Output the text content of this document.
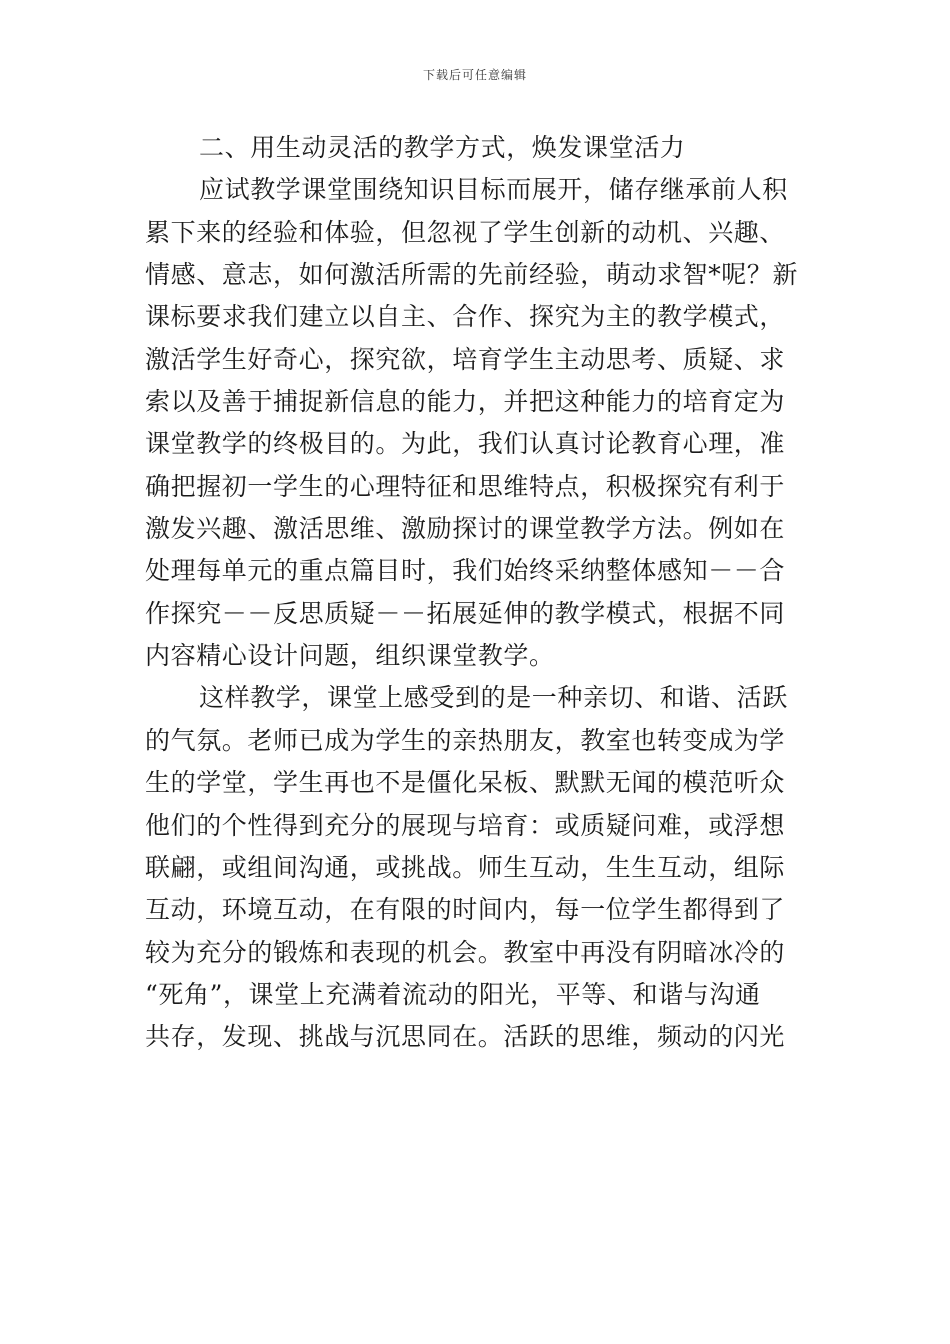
下载后可任意编辑
二、用生动灵活的教学方式，焕发课堂活力
应试教学课堂围绕知识目标而展开，储存继承前人积
累下来的经验和体验，但忽视了学生创新的动机、兴趣、
情感、意志，如何激活所需的先前经验，萌动求智*呢？新
课标要求我们建立以自主、合作、探究为主的教学模式，
激活学生好奇心，探究欲，培育学生主动思考、质疑、求
索以及善于捕捉新信息的能力，并把这种能力的培育定为
课堂教学的终极目的。为此，我们认真讨论教育心理，准
确把握初一学生的心理特征和思维特点，积极探究有利于
激发兴趣、激活思维、激励探讨的课堂教学方法。例如在
处理每单元的重点篇目时，我们始终采纳整体感知－－合
作探究－－反思质疑－－拓展延伸的教学模式，根据不同
内容精心设计问题，组织课堂教学。
这样教学，课堂上感受到的是一种亲切、和谐、活跃
的气氛。老师已成为学生的亲热朋友，教室也转变成为学
生的学堂，学生再也不是僵化呆板、默默无闻的模范听众
他们的个性得到充分的展现与培育：或质疑问难，或浮想
联翩，或组间沟通，或挑战。师生互动，生生互动，组际
互动，环境互动，在有限的时间内，每一位学生都得到了
较为充分的锻炼和表现的机会。教室中再没有阴暗冰冷的
“死角”，课堂上充满着流动的阳光，平等、和谐与沟通
共存，发现、挑战与沉思同在。活跃的思维，频动的闪光
